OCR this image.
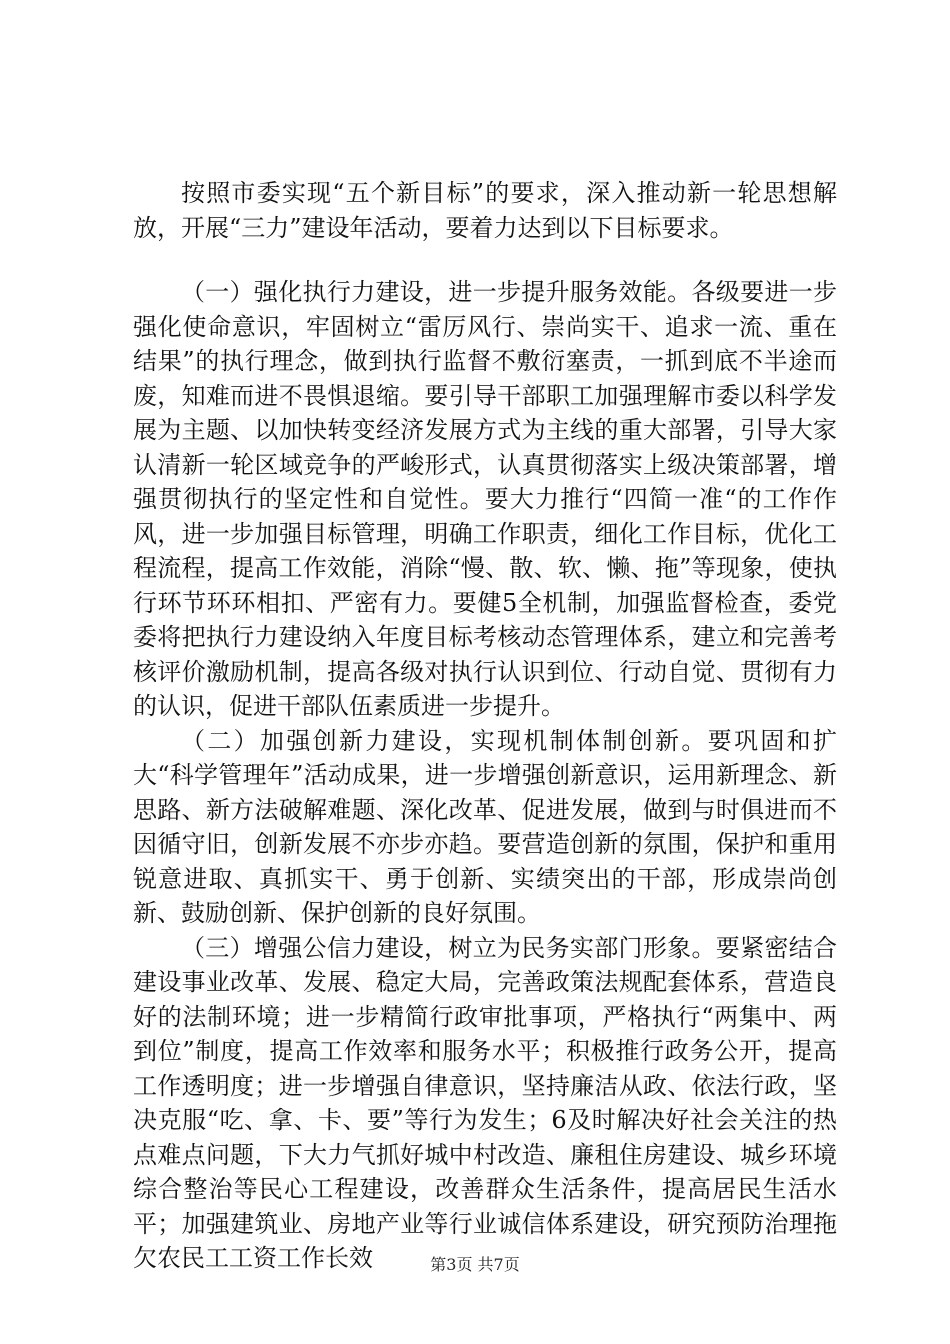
按照市委实现“五个新目标”的要求，深入推动新一轮思想解放，开展“三力”建设年活动，要着力达到以下目标要求。

（一）强化执行力建设，进一步提升服务效能。各级要进一步强化使命意识，牢固树立“雷厉风行、崇尚实干、追求一流、重在结果”的执行理念，做到执行监督不敷衍塞责，一抓到底不半途而废，知难而进不畏惧退缩。要引导干部职工加强理解市委以科学发展为主题、以加快转变经济发展方式为主线的重大部署，引导大家认清新一轮区域竞争的严峻形式，认真贯彻落实上级决策部署，增强贯彻执行的坚定性和自觉性。要大力推行“四简一准“的工作作风，进一步加强目标管理，明确工作职责，细化工作目标，优化工程流程，提高工作效能，消除“慢、散、软、懒、拖”等现象，使执行环节环环相扣、严密有力。要健5全机制，加强监督检查，委党委将把执行力建设纳入年度目标考核动态管理体系，建立和完善考核评价激励机制，提高各级对执行认识到位、行动自觉、贯彻有力的认识，促进干部队伍素质进一步提升。

（二）加强创新力建设，实现机制体制创新。要巩固和扩大“科学管理年”活动成果，进一步增强创新意识，运用新理念、新思路、新方法破解难题、深化改革、促进发展，做到与时俱进而不因循守旧，创新发展不亦步亦趋。要营造创新的氛围，保护和重用锐意进取、真抓实干、勇于创新、实绩突出的干部，形成崇尚创新、鼓励创新、保护创新的良好氛围。

（三）增强公信力建设，树立为民务实部门形象。要紧密结合建设事业改革、发展、稳定大局，完善政策法规配套体系，营造良好的法制环境；进一步精简行政审批事项，严格执行“两集中、两到位”制度，提高工作效率和服务水平；积极推行政务公开，提高工作透明度；进一步增强自律意识，坚持廉洁从政、依法行政，坚决克服“吃、拿、卡、要”等行为发生；6及时解决好社会关注的热点难点问题，下大力气抓好城中村改造、廉租住房建设、城乡环境综合整治等民心工程建设，改善群众生活条件，提高居民生活水平；加强建筑业、房地产业等行业诚信体系建设，研究预防治理拖欠农民工工资工作长效	第3页 共7页
